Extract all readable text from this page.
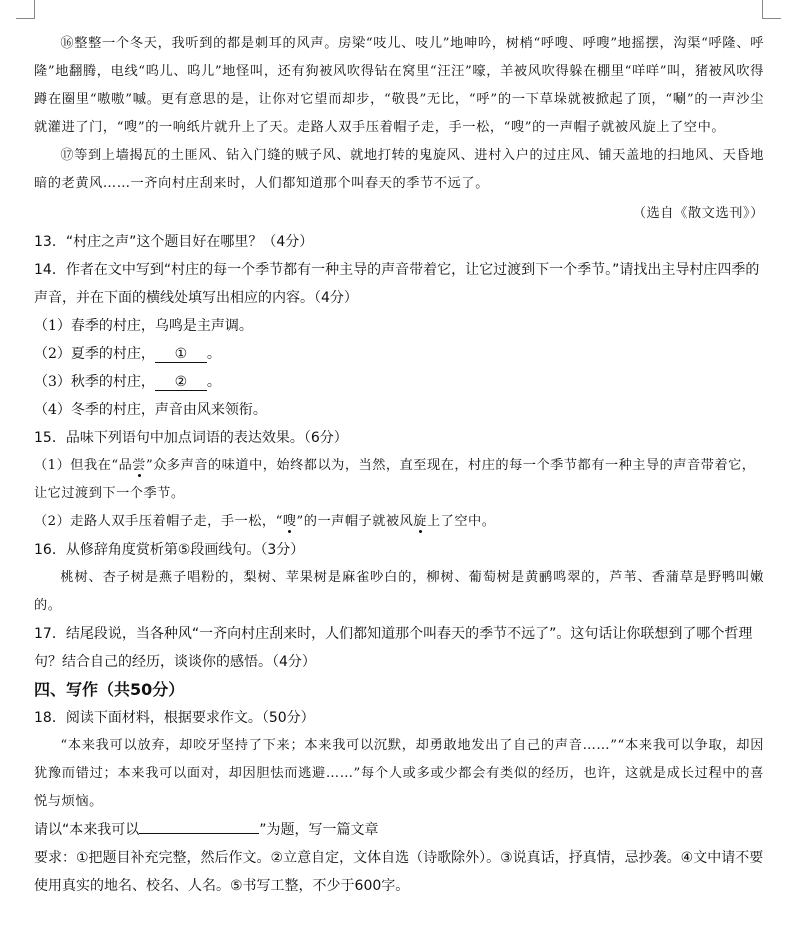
⑯整整一个冬天，我听到的都是刺耳的风声。房梁“吱儿、吱儿”地呻吟，树梢“呼嗖、呼嗖”地摇摆，沟渠“呼隆、呼隆”地翻腾，电线“呜儿、呜儿”地怪叫，还有狗被风吹得钻在窝里“汪汪”嚎，羊被风吹得躲在棚里“咩咩”叫，猪被风吹得蹲在圈里“嗷嗷”嘁。更有意思的是，让你对它望而却步，“敬畏”无比，“呼”的一下草垛就被掀起了顶，“唰”的一声沙尘就灌进了门，“嗖”的一响纸片就升上了天。走路人双手压着帽子走，手一松，“嗖”的一声帽子就被风旋上了空中。

⑰等到上墙揭瓦的土匪风、钻入门缝的贼子风、就地打转的鬼旋风、进村入户的过庄风、铺天盖地的扫地风、天昏地暗的老黄风……一齐向村庄刮来时，人们都知道那个叫春天的季节不远了。

（选自《散文选刊》）

13．“村庄之声”这个题目好在哪里？（4分）

14．作者在文中写到“村庄的每一个季节都有一种主导的声音带着它，让它过渡到下一个季节。”请找出主导村庄四季的声音，并在下面的横线处填写出相应的内容。（4分）

（1）春季的村庄，乌鸣是主声调。

（2）夏季的村庄， ① 。

（3）秋季的村庄， ② 。

（4）冬季的村庄，声音由风来领衔。

15．品味下列语句中加点词语的表达效果。（6分）

（1）但我在“品尝”众多声音的味道中，始终都以为，当然，直至现在，村庄的每一个季节都有一种主导的声音带着它，让它过渡到下一个季节。

（2）走路人双手压着帽子走，手一松，“嗖”的一声帽子就被风旋上了空中。

16．从修辞角度赏析第⑤段画线句。（3分）

桃树、杏子树是燕子唱粉的，梨树、苹果树是麻雀吵白的，柳树、葡萄树是黄鹂鸣翠的，芦苇、香蒲草是野鸭叫嫩的。

17．结尾段说，当各种风“一齐向村庄刮来时，人们都知道那个叫春天的季节不远了”。这句话让你联想到了哪个哲理句？结合自己的经历，谈谈你的感悟。（4分）

四、写作（共50分）

18．阅读下面材料，根据要求作文。（50分）

“本来我可以放弃，却咬牙坚持了下来；本来我可以沉默，却勇敢地发出了自己的声音……”“本来我可以争取，却因犹豫而错过；本来我可以面对，却因胆怯而逃避……”每个人或多或少都会有类似的经历，也许，这就是成长过程中的喜悦与烦恼。

请以“本来我可以	”为题，写一篇文章

要求：①把题目补充完整，然后作文。②立意自定，文体自选（诗歌除外）。③说真话，抒真情，忌抄袭。④文中请不要使用真实的地名、校名、人名。⑤书写工整，不少于600字。
